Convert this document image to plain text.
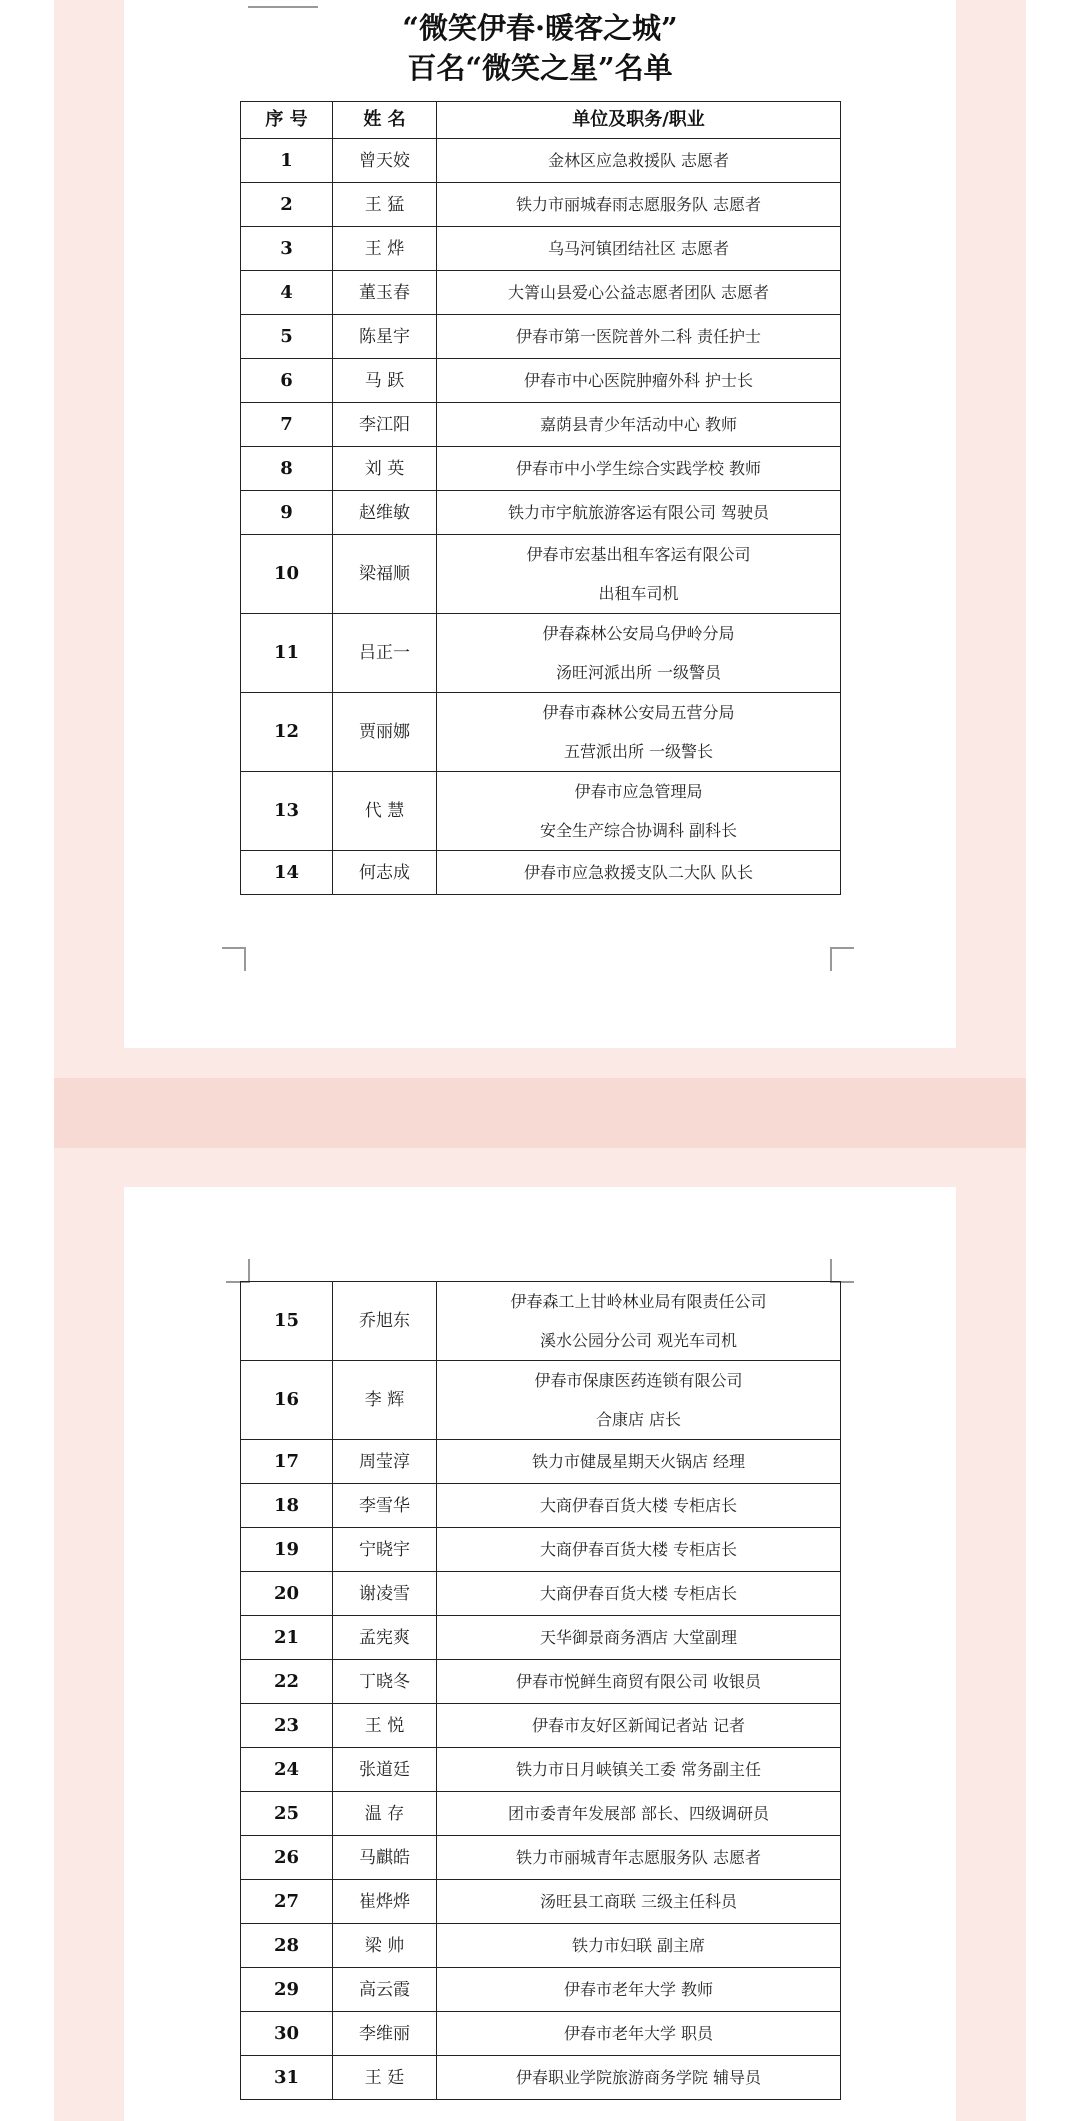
“微笑伊春·暖客之城”
百名“微笑之星”名单
序 号	姓 名	单位及职务/职业
1	曾天姣	金林区应急救援队 志愿者

2	王 猛	铁力市丽城春雨志愿服务队 志愿者

3	王 烨	乌马河镇团结社区 志愿者

4	董玉春	大箐山县爱心公益志愿者团队 志愿者

5	陈星宇	伊春市第一医院普外二科 责任护士

6	马 跃	伊春市中心医院肿瘤外科 护士长

7	李江阳	嘉荫县青少年活动中心 教师

8	刘 英	伊春市中小学生综合实践学校 教师

9	赵维敏	铁力市宇航旅游客运有限公司 驾驶员

10	梁福顺	伊春市宏基出租车客运有限公司
出租车司机

11	吕正一	伊春森林公安局乌伊岭分局
汤旺河派出所 一级警员

12	贾丽娜	伊春市森林公安局五营分局
五营派出所 一级警长

13	代 慧	伊春市应急管理局
安全生产综合协调科 副科长

14	何志成	伊春市应急救援支队二大队 队长
15	乔旭东	伊春森工上甘岭林业局有限责任公司
溪水公园分公司 观光车司机

16	李 辉	伊春市保康医药连锁有限公司
合康店 店长

17	周莹淳	铁力市健晟星期天火锅店 经理

18	李雪华	大商伊春百货大楼 专柜店长

19	宁晓宇	大商伊春百货大楼 专柜店长

20	谢凌雪	大商伊春百货大楼 专柜店长

21	孟宪爽	天华御景商务酒店 大堂副理

22	丁晓冬	伊春市悦鲜生商贸有限公司 收银员

23	王 悦	伊春市友好区新闻记者站 记者

24	张道廷	铁力市日月峡镇关工委 常务副主任

25	温 存	团市委青年发展部 部长、四级调研员

26	马麒皓	铁力市丽城青年志愿服务队 志愿者

27	崔烨烨	汤旺县工商联 三级主任科员

28	梁 帅	铁力市妇联 副主席

29	高云霞	伊春市老年大学 教师

30	李维丽	伊春市老年大学 职员

31	王 廷	伊春职业学院旅游商务学院 辅导员
